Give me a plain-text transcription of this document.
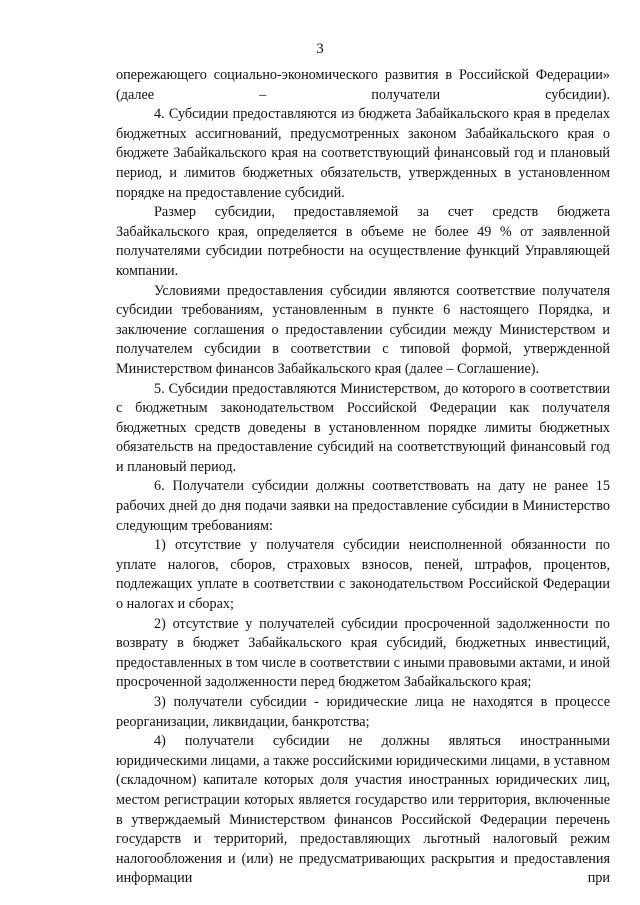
3

опережающего социально-экономического развития в Российской Федерации» (далее – получатели субсидии).

4. Субсидии предоставляются из бюджета Забайкальского края в пределах бюджетных ассигнований, предусмотренных законом Забайкальского края о бюджете Забайкальского края на соответствующий финансовый год и плановый период, и лимитов бюджетных обязательств, утвержденных в установленном порядке на предоставление субсидий.

Размер субсидии, предоставляемой за счет средств бюджета Забайкальского края, определяется в объеме не более 49 % от заявленной получателями субсидии потребности на осуществление функций Управляющей компании.

Условиями предоставления субсидии являются соответствие получателя субсидии требованиям, установленным в пункте 6 настоящего Порядка, и заключение соглашения о предоставлении субсидии между Министерством и получателем субсидии в соответствии с типовой формой, утвержденной Министерством финансов Забайкальского края (далее – Соглашение).

5. Субсидии предоставляются Министерством, до которого в соответствии с бюджетным законодательством Российской Федерации как получателя бюджетных средств доведены в установленном порядке лимиты бюджетных обязательств на предоставление субсидий на соответствующий финансовый год и плановый период.

6. Получатели субсидии должны соответствовать на дату не ранее 15 рабочих дней до дня подачи заявки на предоставление субсидии в Министерство следующим требованиям:

1) отсутствие у получателя субсидии неисполненной обязанности по уплате налогов, сборов, страховых взносов, пеней, штрафов, процентов, подлежащих уплате в соответствии с законодательством Российской Федерации о налогах и сборах;

2) отсутствие у получателей субсидии просроченной задолженности по возврату в бюджет Забайкальского края субсидий, бюджетных инвестиций, предоставленных в том числе в соответствии с иными правовыми актами, и иной просроченной задолженности перед бюджетом Забайкальского края;

3) получатели субсидии - юридические лица не находятся в процессе реорганизации, ликвидации, банкротства;

4) получатели субсидии не должны являться иностранными юридическими лицами, а также российскими юридическими лицами, в уставном (складочном) капитале которых доля участия иностранных юридических лиц, местом регистрации которых является государство или территория, включенные в утверждаемый Министерством финансов Российской Федерации перечень государств и территорий, предоставляющих льготный налоговый режим налогообложения и (или) не предусматривающих раскрытия и предоставления информации при
